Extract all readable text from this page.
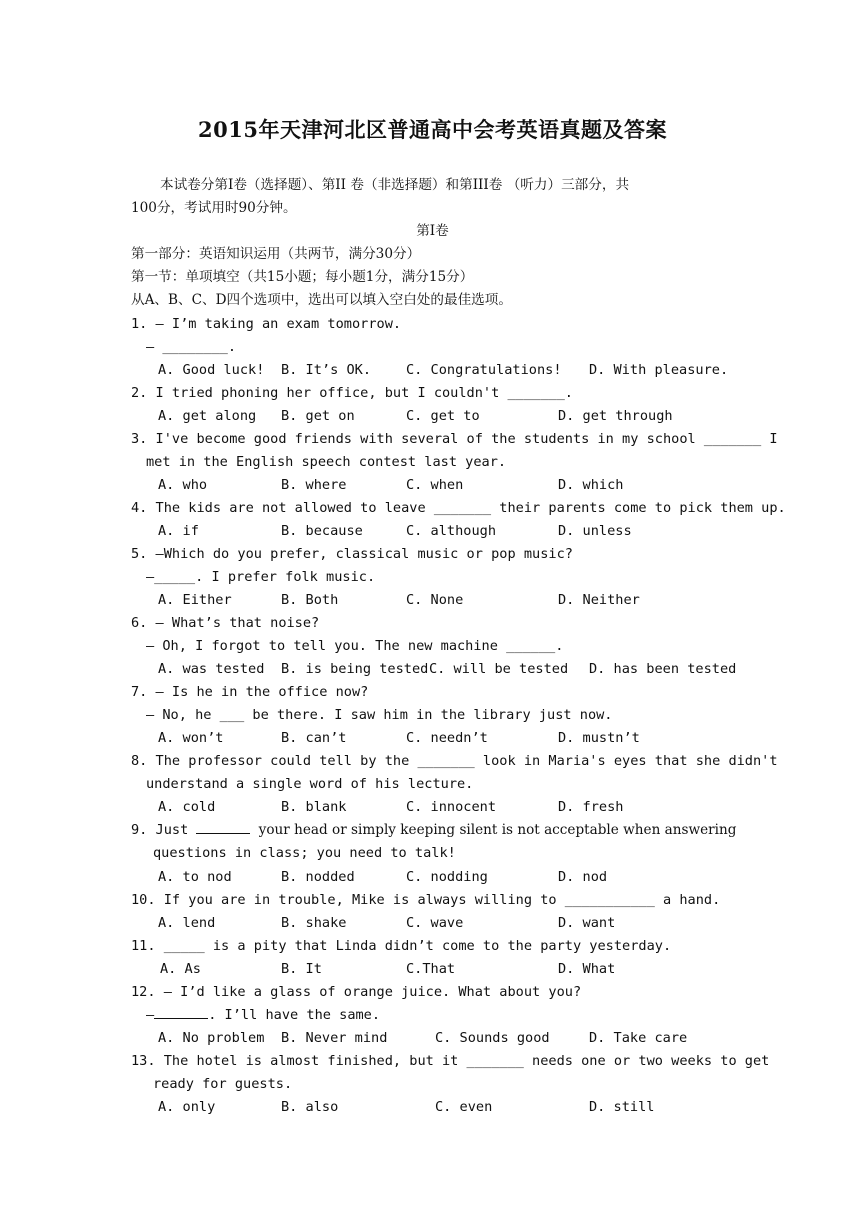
2015年天津河北区普通高中会考英语真题及答案
本试卷分第Ⅰ卷（选择题）、第II 卷（非选择题）和第III卷 （听力）三部分，共
100分，考试用时90分钟。
第Ⅰ卷
第一部分：英语知识运用（共两节，满分30分）
第一节：单项填空（共15小题；每小题1分，满分15分）
从A、B、C、D四个选项中，选出可以填入空白处的最佳选项。
1. — I’m taking an exam tomorrow.
— ________.
A. Good luck! B. It’s OK.	C. Congratulations! D. With pleasure.
2. I tried phoning her office, but I couldn't _______.
A. get along B. get on	C. get to	D. get through
3. I've become good friends with several of the students in my school _______ I
met in the English speech contest last year.
A. who	B. where	C. when	D. which
4. The kids are not allowed to leave _______ their parents come to pick them up.
A. if	B. because	C. although	D. unless
5. —Which do you prefer, classical music or pop music?
—_____. I prefer folk music.
A. Either	B. Both	C. None	D. Neither
6. — What’s that noise?
— Oh, I forgot to tell you. The new machine ______.
A. was tested B. is being tested C. will be tested D. has been tested
7. — Is he in the office now?
— No, he ___ be there. I saw him in the library just now.
A. won’t	B. can’t	C. needn’t	D. mustn’t
8. The professor could tell by the _______ look in Maria's eyes that she didn't
understand a single word of his lecture.
A. cold	B. blank	C. innocent	D. fresh
9. Just	your head or simply keeping silent is not acceptable when answering
questions in class; you need to talk!
A. to nod	B. nodded	C. nodding	D. nod
10. If you are in trouble, Mike is always willing to ___________ a hand.
A. lend	B. shake	C. wave	D. want
11. _____ is a pity that Linda didn’t come to the party yesterday.
A. As	B. It	C.That	D. What
12. — I’d like a glass of orange juice. What about you?
—	. I’ll have the same.
A. No problem B. Never mind	C. Sounds good	D. Take care
13. The hotel is almost finished, but it _______ needs one or two weeks to get
ready for guests.
A. only	B. also	C. even	D. still
